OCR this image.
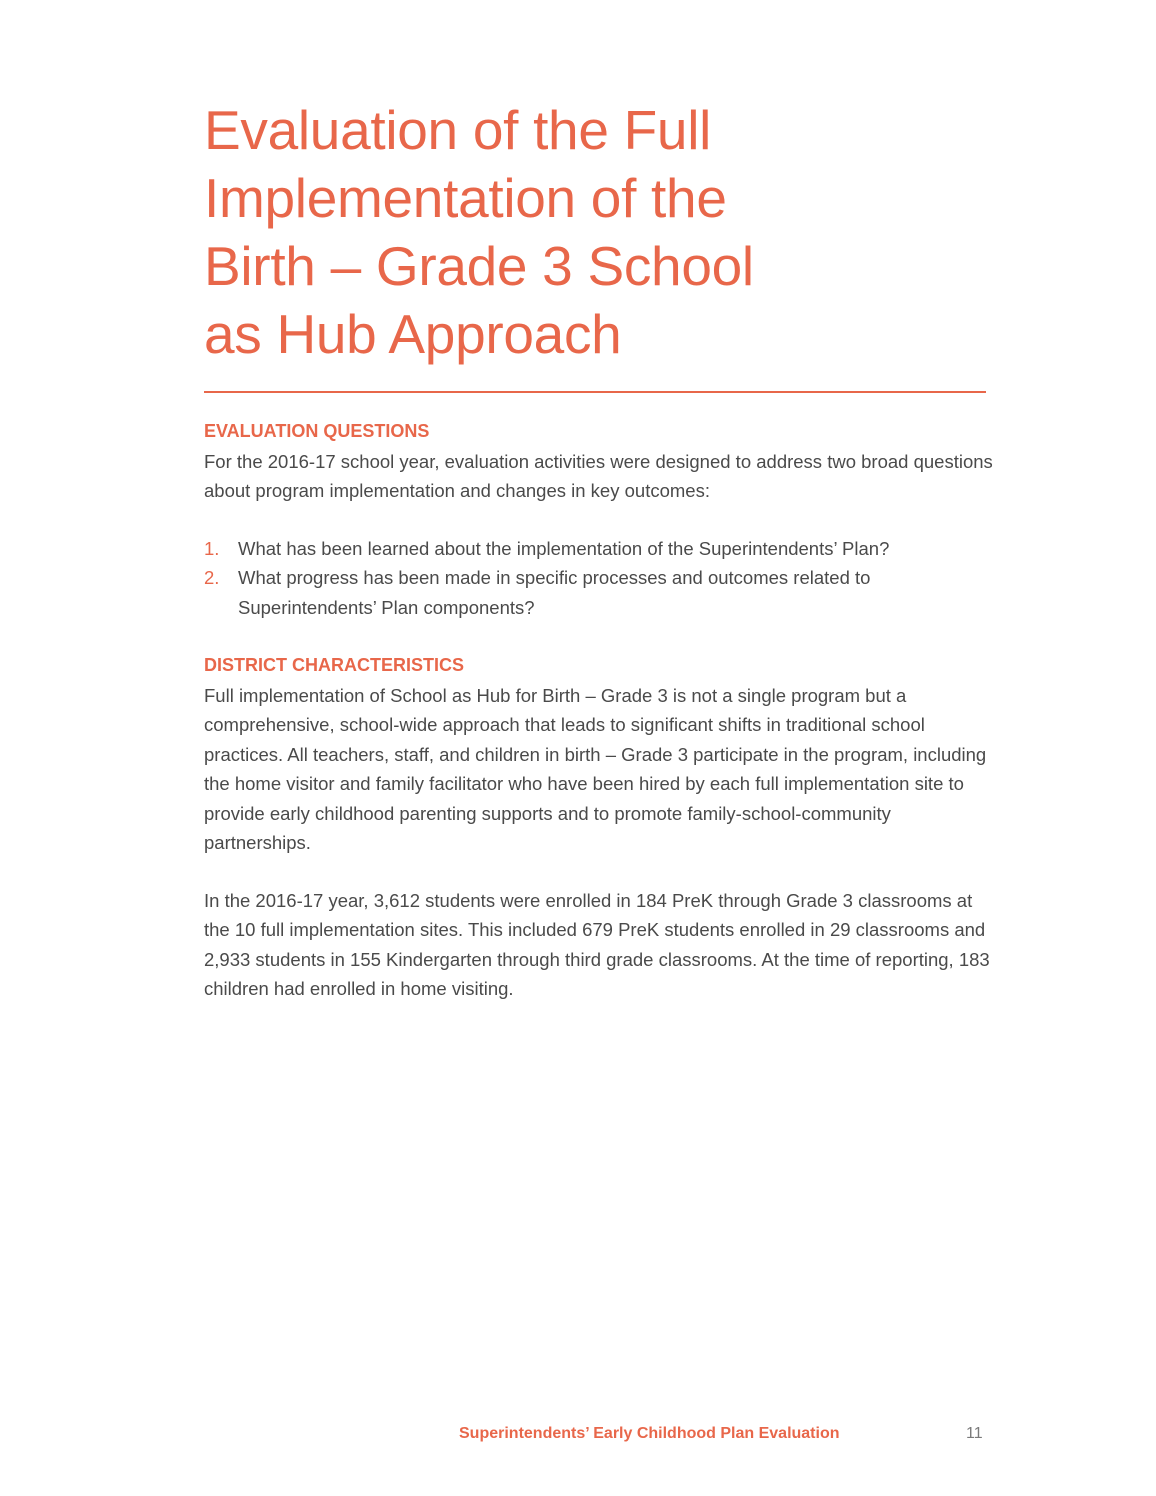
Evaluation of the Full
Implementation of the
Birth – Grade 3 School
as Hub Approach
EVALUATION QUESTIONS

For the 2016-17 school year, evaluation activities were designed to address two broad questions about program implementation and changes in key outcomes:

1. What has been learned about the implementation of the Superintendents’ Plan?
2. What progress has been made in specific processes and outcomes related to Superintendents’ Plan components?
DISTRICT CHARACTERISTICS

Full implementation of School as Hub for Birth – Grade 3 is not a single program but a comprehensive, school-wide approach that leads to significant shifts in traditional school practices. All teachers, staff, and children in birth – Grade 3 participate in the program, including the home visitor and family facilitator who have been hired by each full implementation site to provide early childhood parenting supports and to promote family-school-community partnerships.

In the 2016-17 year, 3,612 students were enrolled in 184 PreK through Grade 3 classrooms at the 10 full implementation sites. This included 679 PreK students enrolled in 29 classrooms and 2,933 students in 155 Kindergarten through third grade classrooms. At the time of reporting, 183 children had enrolled in home visiting.

Superintendents’ Early Childhood Plan Evaluation	11
